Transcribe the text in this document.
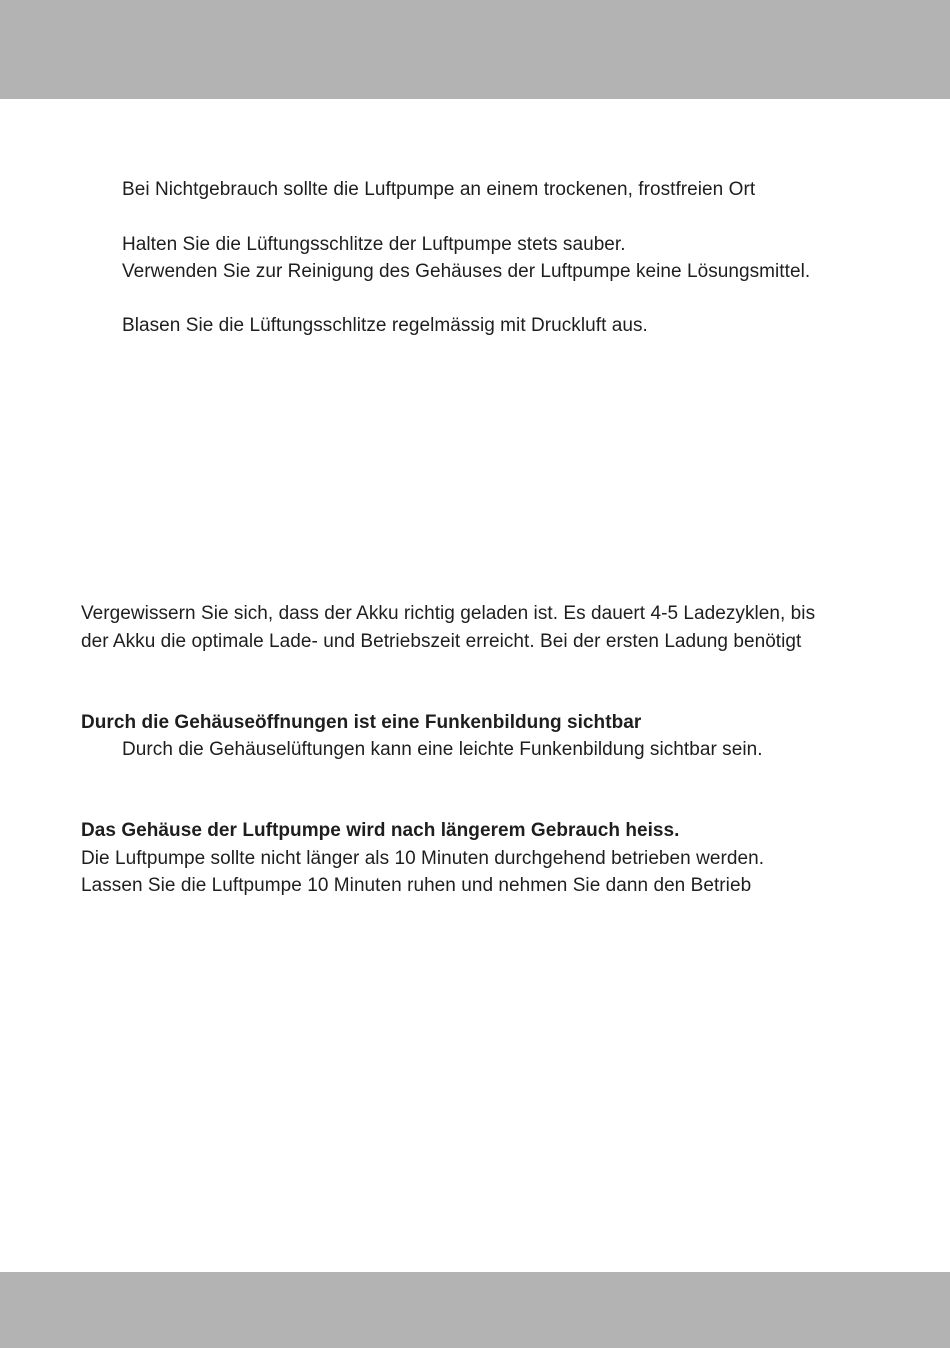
Bei Nichtgebrauch sollte die Luftpumpe an einem trockenen, frostfreien Ort
Halten Sie die Lüftungsschlitze der Luftpumpe stets sauber.
Verwenden Sie zur Reinigung des Gehäuses der Luftpumpe keine Lösungsmittel.
Blasen Sie die Lüftungsschlitze regelmässig mit Druckluft aus.
Vergewissern Sie sich, dass der Akku richtig geladen ist. Es dauert 4-5 Ladezyklen, bis
der Akku die optimale Lade- und Betriebszeit erreicht. Bei der ersten Ladung benötigt
Durch die Gehäuseöffnungen ist eine Funkenbildung sichtbar
Durch die Gehäuselüftungen kann eine leichte Funkenbildung sichtbar sein.
Das Gehäuse der Luftpumpe wird nach längerem Gebrauch heiss.
Die Luftpumpe sollte nicht länger als 10 Minuten durchgehend betrieben werden.
Lassen Sie die Luftpumpe 10 Minuten ruhen und nehmen Sie dann den Betrieb
